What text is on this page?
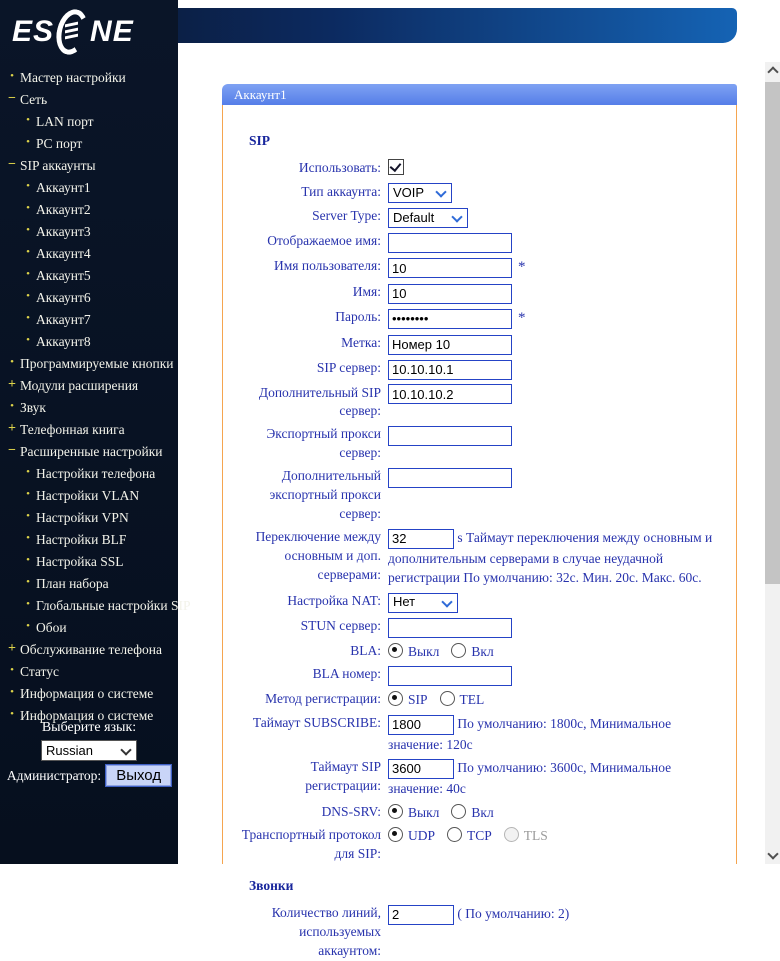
ES NE
• Мастер настройки
− Сеть
• LAN порт
• PC порт
− SIP аккаунты
• Аккаунт1
• Аккаунт2
• Аккаунт3
• Аккаунт4
• Аккаунт5
• Аккаунт6
• Аккаунт7
• Аккаунт8
• Программируемые кнопки
+ Модули расширения
• Звук
+ Телефонная книга
− Расширенные настройки
• Настройки телефона
• Настройки VLAN
• Настройки VPN
• Настройки BLF
• Настройка SSL
• План набора
• Глобальные настройки SIP
• Обои
+ Обслуживание телефона
• Статус
• Информация о системе
• Информация о системе
Выберите язык:
Russian
Администратор:	Выход
Аккаунт1
SIP
Использовать:
Тип аккаунта: VOIP
Server Type: Default
Отображаемое имя:
Имя пользователя:
10	*
Имя:
10
Пароль:
••••••••	*
Метка:
Номер 10
SIP сервер:
10.10.10.1
Дополнительный SIP сервер:
10.10.10.2
Экспортный прокси сервер:
Дополнительный экспортный прокси сервер:
Переключение между основным и доп. серверами:
32 s Таймаут переключения между основным и дополнительным серверами в случае неудачной регистрации По умолчанию: 32с. Мин. 20с. Макс. 60с.
Настройка NAT: Нет
STUN сервер:
BLA:	Выкл Вкл
BLA номер:
Метод регистрации:	SIP TEL
Таймаут SUBSCRIBE:
1800	По умолчанию: 1800с, Минимальное значение: 120с
Таймаут SIP регистрации:
3600 По умолчанию: 3600с, Минимальное значение: 40с
DNS-SRV:	Выкл Вкл
Транспортный протокол для SIP:
UDP TCP TLS
Звонки
Количество линий, используемых аккаунтом:
2 ( По умолчанию: 2)
